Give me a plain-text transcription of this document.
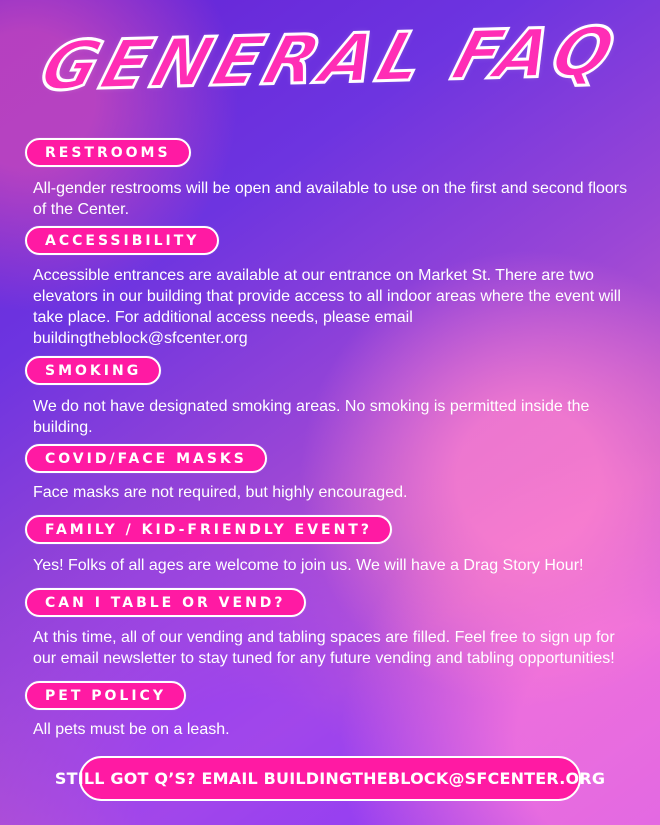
GENERAL FAQ
RESTROOMS
All-gender restrooms will be open and available to use on the first and second floors
of the Center.
ACCESSIBILITY
Accessible entrances are available at our entrance on Market St. There are two
elevators in our building that provide access to all indoor areas where the event will
take place. For additional access needs, please email
buildingtheblock@sfcenter.org
SMOKING
We do not have designated smoking areas. No smoking is permitted inside the
building.
COVID/FACE MASKS
Face masks are not required, but highly encouraged.
FAMILY / KID-FRIENDLY EVENT?
Yes! Folks of all ages are welcome to join us. We will have a Drag Story Hour!
CAN I TABLE OR VEND?
At this time, all of our vending and tabling spaces are filled. Feel free to sign up for
our email newsletter to stay tuned for any future vending and tabling opportunities!
PET POLICY
All pets must be on a leash.
STILL GOT Q’S? EMAIL BUILDINGTHEBLOCK@SFCENTER.ORG
